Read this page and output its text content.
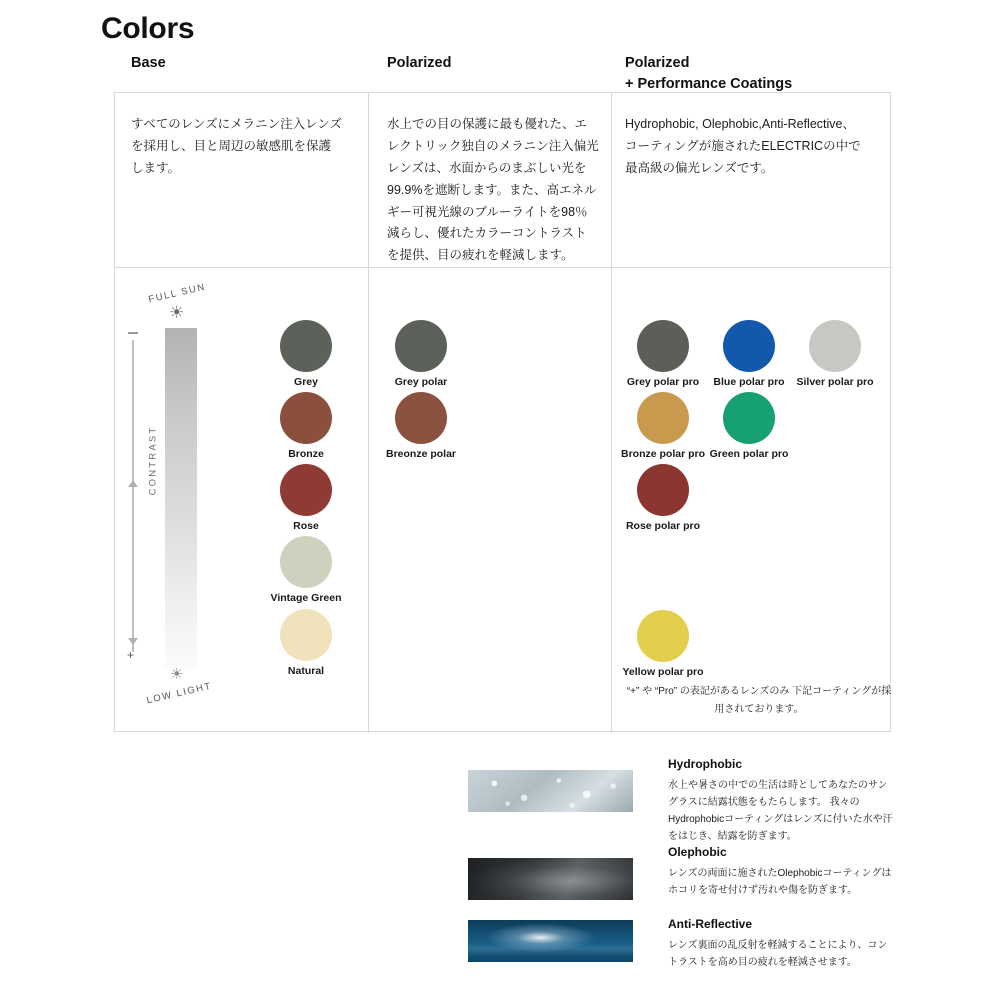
Colors
Base	Polarized	Polarized
+ Performance Coatings
すべてのレンズにメラニン注入レンズを採用し、目と周辺の敏感肌を保護します。
水上での目の保護に最も優れた、エレクトリック独自のメラニン注入偏光レンズは、水面からのまぶしい光を99.9%を遮断します。また、高エネルギー可視光線のブルーライトを98％減らし、優れたカラーコントラストを提供、目の疲れを軽減します。
Hydrophobic, Olephobic,Anti-Reflective、コーティングが施されたELECTRICの中で最高級の偏光レンズです。
CONTRAST
+
FULL SUN
☀
☀
LOW LIGHT
Grey
Bronze
Rose
Vintage Green
Natural
Grey polar
Breonze polar
Grey polar pro Blue polar pro Silver polar pro
Bronze polar pro Green polar pro
Rose polar pro
Yellow polar pro
“+” や “Pro” の表記があるレンズのみ 下記コーティングが採用されております。
Hydrophobic
水上や暑さの中での生活は時としてあなたのサングラスに結露状態をもたらします。 我々のHydrophobicコーティングはレンズに付いた水や汗をはじき、結露を防ぎます。
Olephobic
レンズの両面に施されたOlephobicコーティングはホコリを寄せ付けず汚れや傷を防ぎます。
Anti-Reflective
レンズ裏面の乱反射を軽減することにより、コントラストを高め目の疲れを軽減させます。
